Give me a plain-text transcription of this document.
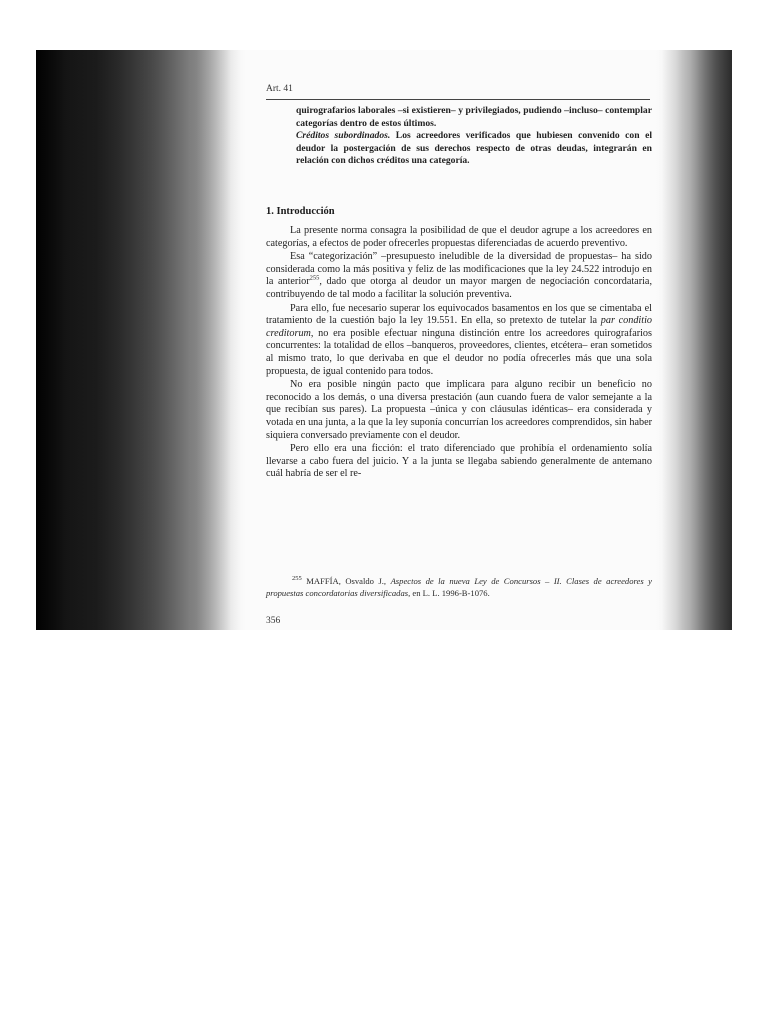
Art. 41

quirografarios laborales –si existieren– y privilegiados, pudiendo –incluso– contemplar categorías dentro de estos últimos.

Créditos subordinados. Los acreedores verificados que hubiesen convenido con el deudor la postergación de sus derechos respecto de otras deudas, integrarán en relación con dichos créditos una categoría.

1. Introducción

La presente norma consagra la posibilidad de que el deudor agrupe a los acreedores en categorías, a efectos de poder ofrecerles propuestas diferenciadas de acuerdo preventivo.

Esa “categorización” –presupuesto ineludible de la diversidad de propuestas– ha sido considerada como la más positiva y feliz de las modificaciones que la ley 24.522 introdujo en la anterior$^{255}$, dado que otorga al deudor un mayor margen de negociación concordataria, contribuyendo de tal modo a facilitar la solución preventiva.

Para ello, fue necesario superar los equivocados basamentos en los que se cimentaba el tratamiento de la cuestión bajo la ley 19.551. En ella, so pretexto de tutelar la par conditio creditorum, no era posible efectuar ninguna distinción entre los acreedores quirografarios concurrentes: la totalidad de ellos –banqueros, proveedores, clientes, etcétera– eran sometidos al mismo trato, lo que derivaba en que el deudor no podía ofrecerles más que una sola propuesta, de igual contenido para todos.

No era posible ningún pacto que implicara para alguno recibir un beneficio no reconocido a los demás, o una diversa prestación (aun cuando fuera de valor semejante a la que recibían sus pares). La propuesta –única y con cláusulas idénticas– era considerada y votada en una junta, a la que la ley suponía concurrían los acreedores comprendidos, sin haber siquiera conversado previamente con el deudor.

Pero ello era una ficción: el trato diferenciado que prohibía el ordenamiento solía llevarse a cabo fuera del juicio. Y a la junta se llegaba sabiendo generalmente de antemano cuál habría de ser el re-

$^{255}$ MAFFÍA, Osvaldo J., Aspectos de la nueva Ley de Concursos – II. Clases de acreedores y propuestas concordatorias diversificadas, en L. L. 1996-B-1076.

356
